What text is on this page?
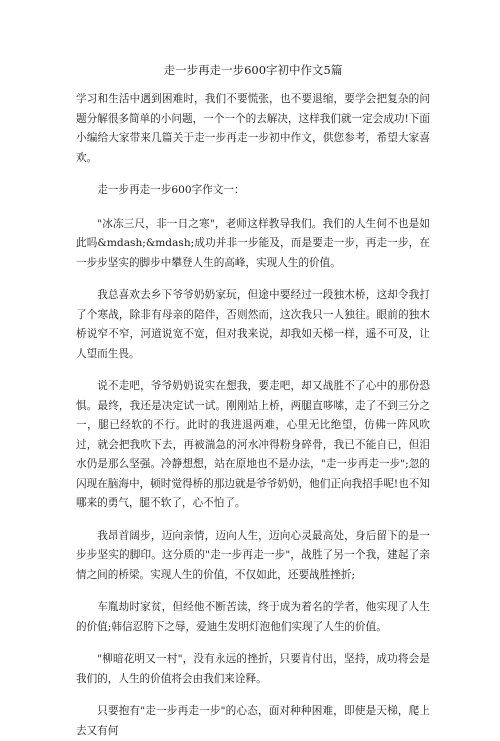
走一步再走一步600字初中作文5篇

学习和生活中遇到困难时，我们不要慌张，也不要退缩，要学会把复杂的问题分解很多简单的小问题，一个一个的去解决，这样我们就一定会成功!下面小编给大家带来几篇关于走一步再走一步初中作文，供您参考，希望大家喜欢。

走一步再走一步600字作文一：

"冰冻三尺，非一日之寒"，老师这样教导我们。我们的人生何不也是如此吗&mdash;&mdash;成功并非一步能及，而是要走一步，再走一步，在一步步坚实的脚步中攀登人生的高峰，实现人生的价值。

我总喜欢去乡下爷爷奶奶家玩，但途中要经过一段独木桥，这却令我打了个寒战，除非有母亲的陪伴，否则然而，这次我只一人独往。眼前的独木桥说窄不窄，河道说宽不宽，但对我来说，却我如天梯一样，遥不可及，让人望而生畏。

说不走吧，爷爷奶奶说实在想我，要走吧，却又战胜不了心中的那份恐惧。最终，我还是决定试一试。刚刚站上桥，两腿直哆嗦，走了不到三分之一，腿已经软的不行。此时的我进退两难，心里无比绝望，仿佛一阵风吹过，就会把我吹下去，再被湍急的河水冲得粉身碎骨，我已不能自已，但泪水仍是那么坚强。冷静想想，站在原地也不是办法，"走一步再走一步";忽的闪现在脑海中，顿时觉得桥的那边就是爷爷奶奶，他们正向我招手呢!也不知哪来的勇气，腿不软了，心不怕了。

我昂首阔步，迈向亲情，迈向人生，迈向心灵最高处，身后留下的是一步步坚实的脚印。这分质的"走一步再走一步"，战胜了另一个我，建起了亲情之间的桥梁。实现人生的价值，不仅如此，还要战胜挫折;

车胤劫时家贫，但经他不断苦读，终于成为着名的学者，他实现了人生的价值;韩信忍胯下之辱，爱迪生发明灯泡他们实现了人生的价值。

"柳暗花明又一村"，没有永远的挫折，只要肯付出，坚持，成功将会是我们的，人生的价值将会由我们来诠释。

只要抱有"走一步再走一步"的心态，面对种种困难，即使是天梯，爬上去又有何
